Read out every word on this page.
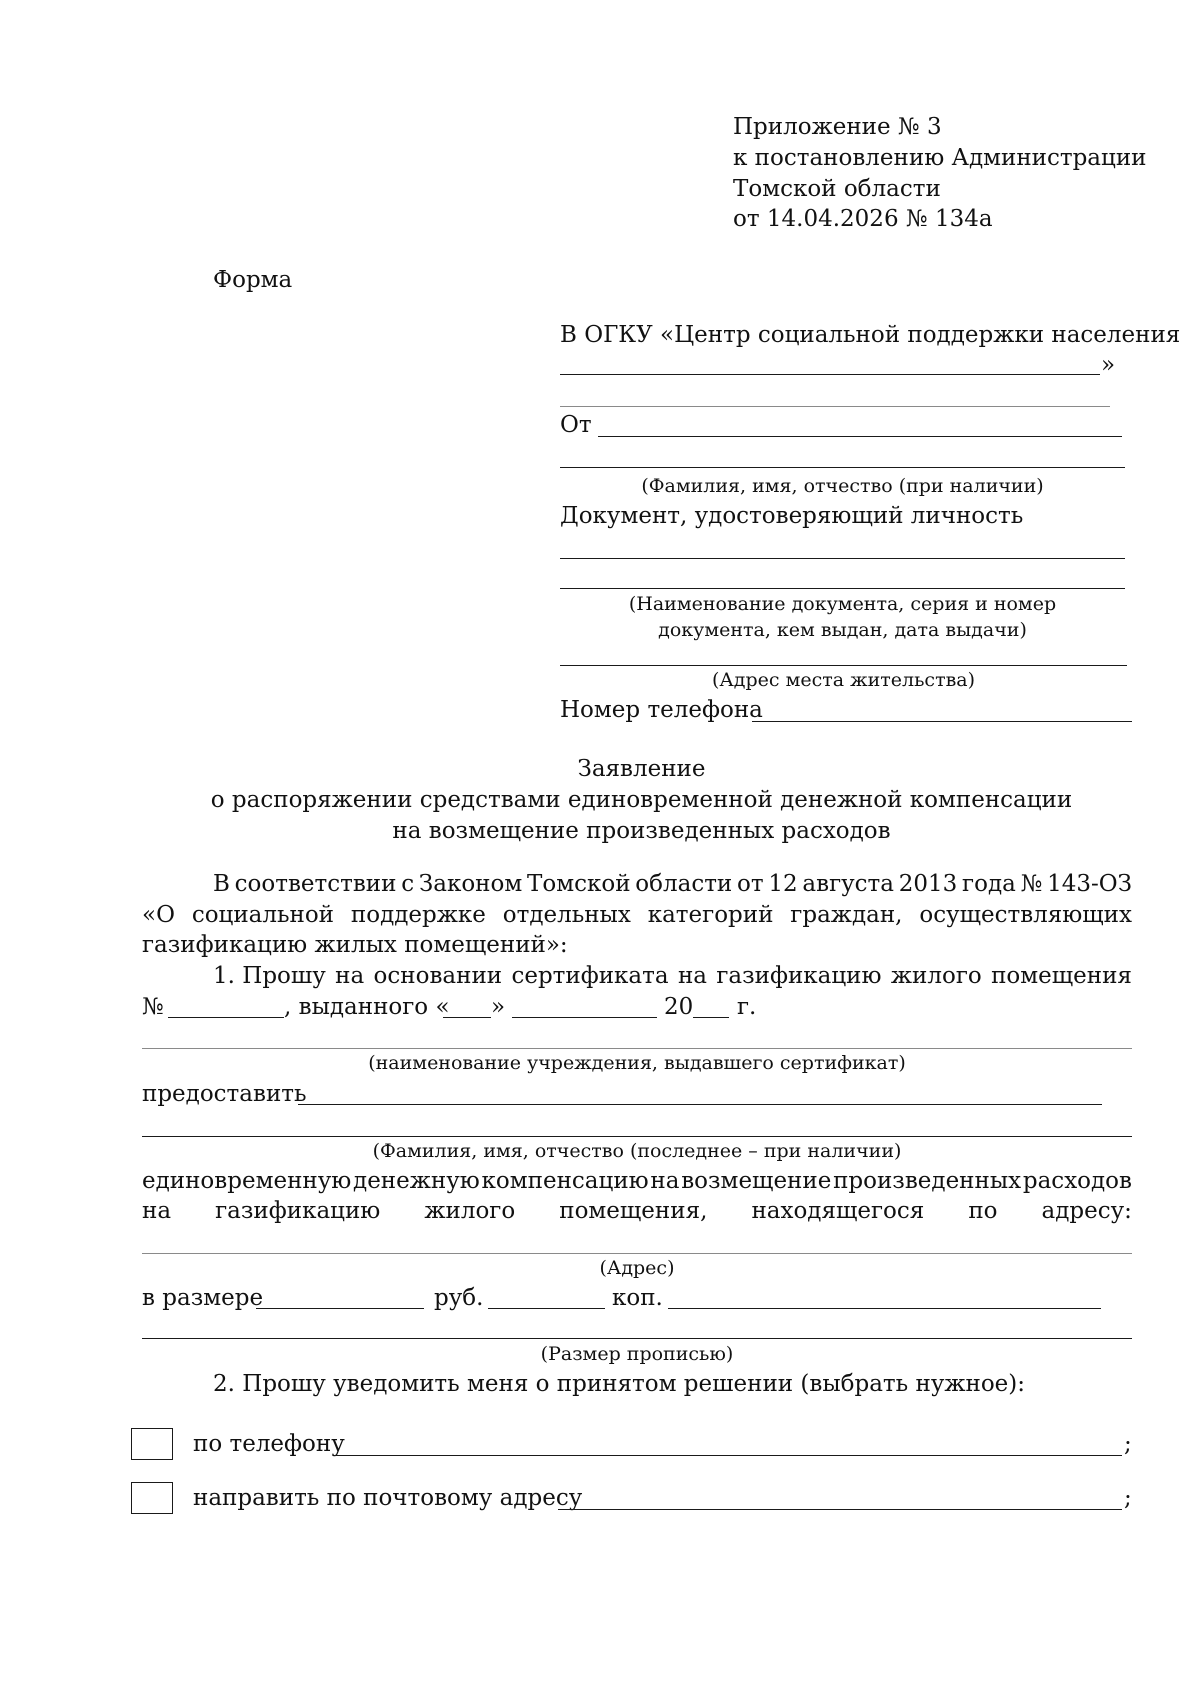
Приложение № 3
к постановлению Администрации
Томской области
от 14.04.2026 № 134а
Форма
В ОГКУ «Центр социальной поддержки населения
»
От
(Фамилия, имя, отчество (при наличии)
Документ, удостоверяющий личность
(Наименование документа, серия и номер
документа, кем выдан, дата выдачи)
(Адрес места жительства)
Номер телефона
Заявление
о распоряжении средствами единовременной денежной компенсации
на возмещение произведенных расходов
В соответствии с Законом Томской области от 12 августа 2013 года № 143-ОЗ
«О социальной поддержке отдельных категорий граждан, осуществляющих
газификацию жилых помещений»:
1. Прошу на основании сертификата на газификацию жилого помещения
№	, выданного « »	20 г.
(наименование учреждения, выдавшего сертификат)
предоставить
(Фамилия, имя, отчество (последнее – при наличии)
единовременную денежную компенсацию на возмещение произведенных расходов
на газификацию жилого помещения, находящегося по адресу:
(Адрес)
в размере	руб.	коп.
(Размер прописью)
2. Прошу уведомить меня о принятом решении (выбрать нужное):
по телефону	;
направить по почтовому адресу	;
